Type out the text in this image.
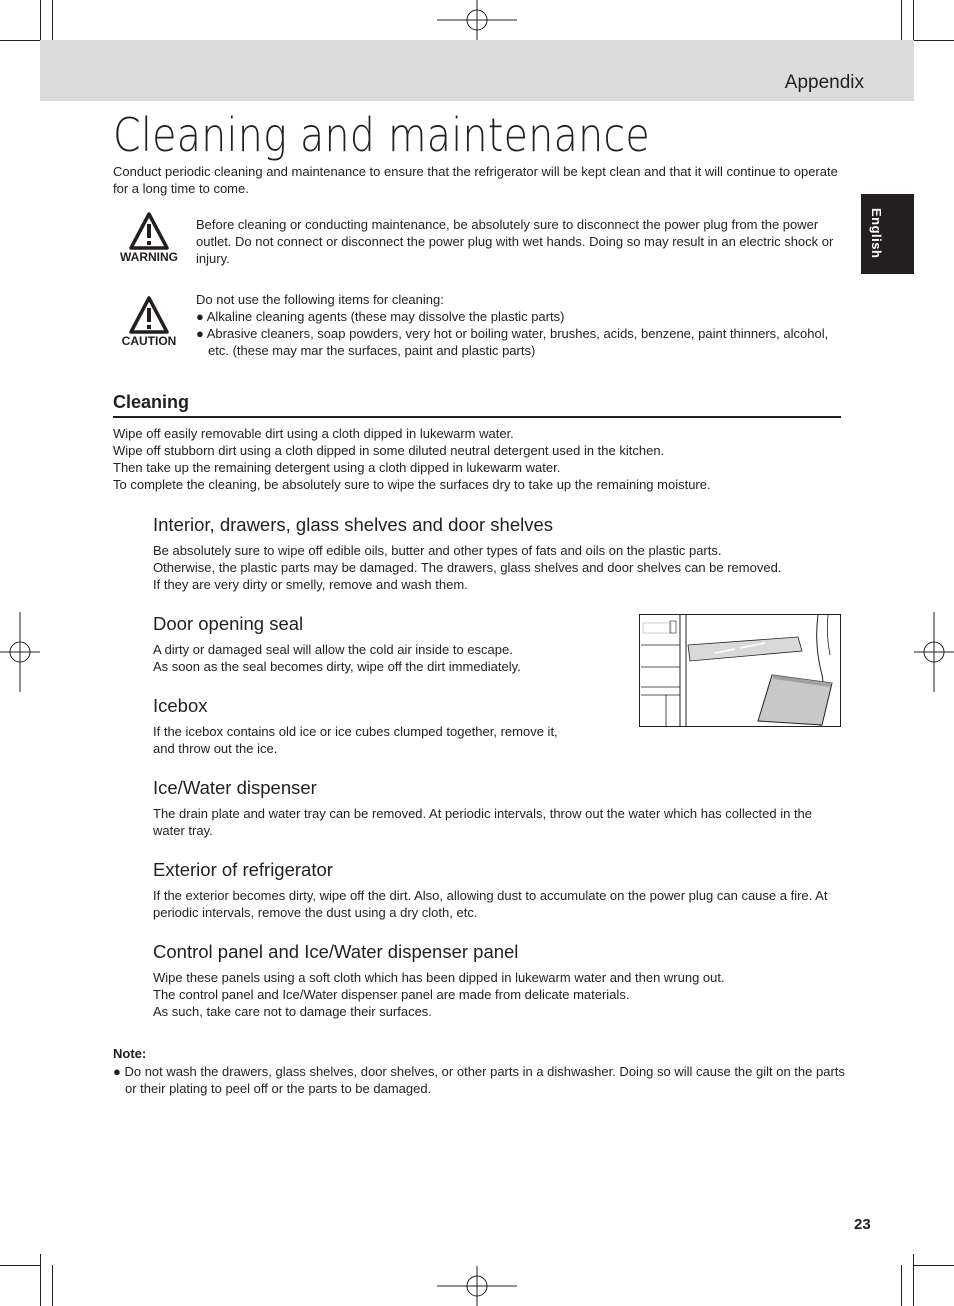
Appendix
Cleaning and maintenance
Conduct periodic cleaning and maintenance to ensure that the refrigerator will be kept clean and that it will continue to operate for a long time to come.
English
WARNING
Before cleaning or conducting maintenance, be absolutely sure to disconnect the power plug from the power outlet. Do not connect or disconnect the power plug with wet hands. Doing so may result in an electric shock or injury.
CAUTION
Do not use the following items for cleaning:
● Alkaline cleaning agents (these may dissolve the plastic parts)
● Abrasive cleaners, soap powders, very hot or boiling water, brushes, acids, benzene, paint thinners, alcohol, etc. (these may mar the surfaces, paint and plastic parts)
Cleaning
Wipe off easily removable dirt using a cloth dipped in lukewarm water.
Wipe off stubborn dirt using a cloth dipped in some diluted neutral detergent used in the kitchen.
Then take up the remaining detergent using a cloth dipped in lukewarm water.
To complete the cleaning, be absolutely sure to wipe the surfaces dry to take up the remaining moisture.
Interior, drawers, glass shelves and door shelves
Be absolutely sure to wipe off edible oils, butter and other types of fats and oils on the plastic parts.
Otherwise, the plastic parts may be damaged. The drawers, glass shelves and door shelves can be removed.
If they are very dirty or smelly, remove and wash them.
Door opening seal
A dirty or damaged seal will allow the cold air inside to escape.
As soon as the seal becomes dirty, wipe off the dirt immediately.
Icebox
If the icebox contains old ice or ice cubes clumped together, remove it,
and throw out the ice.
Ice/Water dispenser
The drain plate and water tray can be removed. At periodic intervals, throw out the water which has collected in the water tray.
Exterior of refrigerator
If the exterior becomes dirty, wipe off the dirt. Also, allowing dust to accumulate on the power plug can cause a fire. At periodic intervals, remove the dust using a dry cloth, etc.
Control panel and Ice/Water dispenser panel
Wipe these panels using a soft cloth which has been dipped in lukewarm water and then wrung out.
The control panel and Ice/Water dispenser panel are made from delicate materials.
As such, take care not to damage their surfaces.
Note:
● Do not wash the drawers, glass shelves, door shelves, or other parts in a dishwasher. Doing so will cause the gilt on the parts or their plating to peel off or the parts to be damaged.
23
